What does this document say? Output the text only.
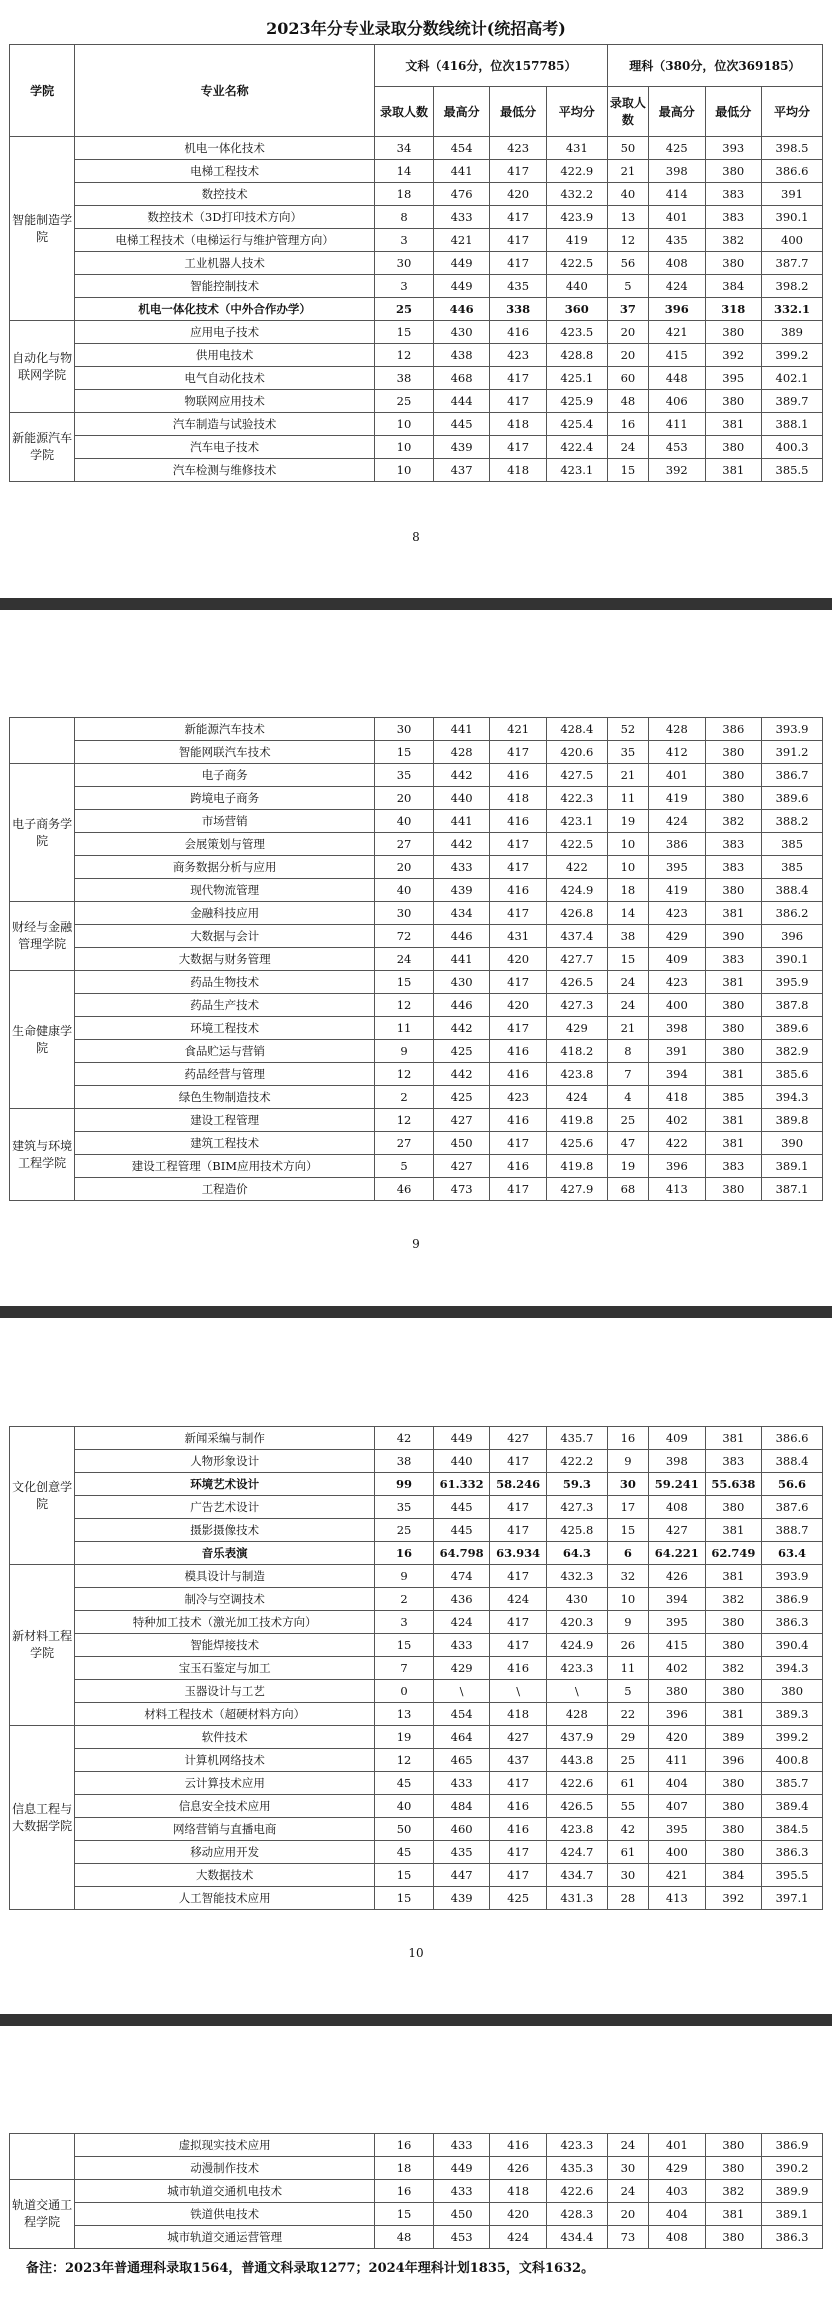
2023年分专业录取分数线统计(统招高考)
学院	专业名称	文科（416分，位次157785）				理科（380分，位次369185）			
		录取人数	最高分	最低分	平均分	录取人数	最高分	最低分	平均分
智能制造学院	机电一体化技术	34	454	423	431	50	425	393	398.5
	电梯工程技术	14	441	417	422.9	21	398	380	386.6
	数控技术	18	476	420	432.2	40	414	383	391
	数控技术（3D打印技术方向）	8	433	417	423.9	13	401	383	390.1
	电梯工程技术（电梯运行与维护管理方向）	3	421	417	419	12	435	382	400
	工业机器人技术	30	449	417	422.5	56	408	380	387.7
	智能控制技术	3	449	435	440	5	424	384	398.2
	机电一体化技术（中外合作办学）	25	446	338	360	37	396	318	332.1
自动化与物联网学院	应用电子技术	15	430	416	423.5	20	421	380	389
	供用电技术	12	438	423	428.8	20	415	392	399.2
	电气自动化技术	38	468	417	425.1	60	448	395	402.1
	物联网应用技术	25	444	417	425.9	48	406	380	389.7
新能源汽车学院	汽车制造与试验技术	10	445	418	425.4	16	411	381	388.1
	汽车电子技术	10	439	417	422.4	24	453	380	400.3
	汽车检测与维修技术	10	437	418	423.1	15	392	381	385.5
8
	新能源汽车技术	30	441	421	428.4	52	428	386	393.9
	智能网联汽车技术	15	428	417	420.6	35	412	380	391.2
电子商务学院	电子商务	35	442	416	427.5	21	401	380	386.7
	跨境电子商务	20	440	418	422.3	11	419	380	389.6
	市场营销	40	441	416	423.1	19	424	382	388.2
	会展策划与管理	27	442	417	422.5	10	386	383	385
	商务数据分析与应用	20	433	417	422	10	395	383	385
	现代物流管理	40	439	416	424.9	18	419	380	388.4
财经与金融管理学院	金融科技应用	30	434	417	426.8	14	423	381	386.2
	大数据与会计	72	446	431	437.4	38	429	390	396
	大数据与财务管理	24	441	420	427.7	15	409	383	390.1
生命健康学院	药品生物技术	15	430	417	426.5	24	423	381	395.9
	药品生产技术	12	446	420	427.3	24	400	380	387.8
	环境工程技术	11	442	417	429	21	398	380	389.6
	食品贮运与营销	9	425	416	418.2	8	391	380	382.9
	药品经营与管理	12	442	416	423.8	7	394	381	385.6
	绿色生物制造技术	2	425	423	424	4	418	385	394.3
建筑与环境工程学院	建设工程管理	12	427	416	419.8	25	402	381	389.8
	建筑工程技术	27	450	417	425.6	47	422	381	390
	建设工程管理（BIM应用技术方向）	5	427	416	419.8	19	396	383	389.1
	工程造价	46	473	417	427.9	68	413	380	387.1
9
文化创意学院	新闻采编与制作	42	449	427	435.7	16	409	381	386.6
	人物形象设计	38	440	417	422.2	9	398	383	388.4
	环境艺术设计	99	61.332	58.246	59.3	30	59.241	55.638	56.6
	广告艺术设计	35	445	417	427.3	17	408	380	387.6
	摄影摄像技术	25	445	417	425.8	15	427	381	388.7
	音乐表演	16	64.798	63.934	64.3	6	64.221	62.749	63.4
新材料工程学院	模具设计与制造	9	474	417	432.3	32	426	381	393.9
	制冷与空调技术	2	436	424	430	10	394	382	386.9
	特种加工技术（激光加工技术方向）	3	424	417	420.3	9	395	380	386.3
	智能焊接技术	15	433	417	424.9	26	415	380	390.4
	宝玉石鉴定与加工	7	429	416	423.3	11	402	382	394.3
	玉器设计与工艺	0	\	\	\	5	380	380	380
	材料工程技术（超硬材料方向）	13	454	418	428	22	396	381	389.3
信息工程与大数据学院	软件技术	19	464	427	437.9	29	420	389	399.2
	计算机网络技术	12	465	437	443.8	25	411	396	400.8
	云计算技术应用	45	433	417	422.6	61	404	380	385.7
	信息安全技术应用	40	484	416	426.5	55	407	380	389.4
	网络营销与直播电商	50	460	416	423.8	42	395	380	384.5
	移动应用开发	45	435	417	424.7	61	400	380	386.3
	大数据技术	15	447	417	434.7	30	421	384	395.5
	人工智能技术应用	15	439	425	431.3	28	413	392	397.1
10
	虚拟现实技术应用	16	433	416	423.3	24	401	380	386.9
	动漫制作技术	18	449	426	435.3	30	429	380	390.2
轨道交通工程学院	城市轨道交通机电技术	16	433	418	422.6	24	403	382	389.9
	铁道供电技术	15	450	420	428.3	20	404	381	389.1
	城市轨道交通运营管理	48	453	424	434.4	73	408	380	386.3
备注：2023年普通理科录取1564，普通文科录取1277；2024年理科计划1835，文科1632。
